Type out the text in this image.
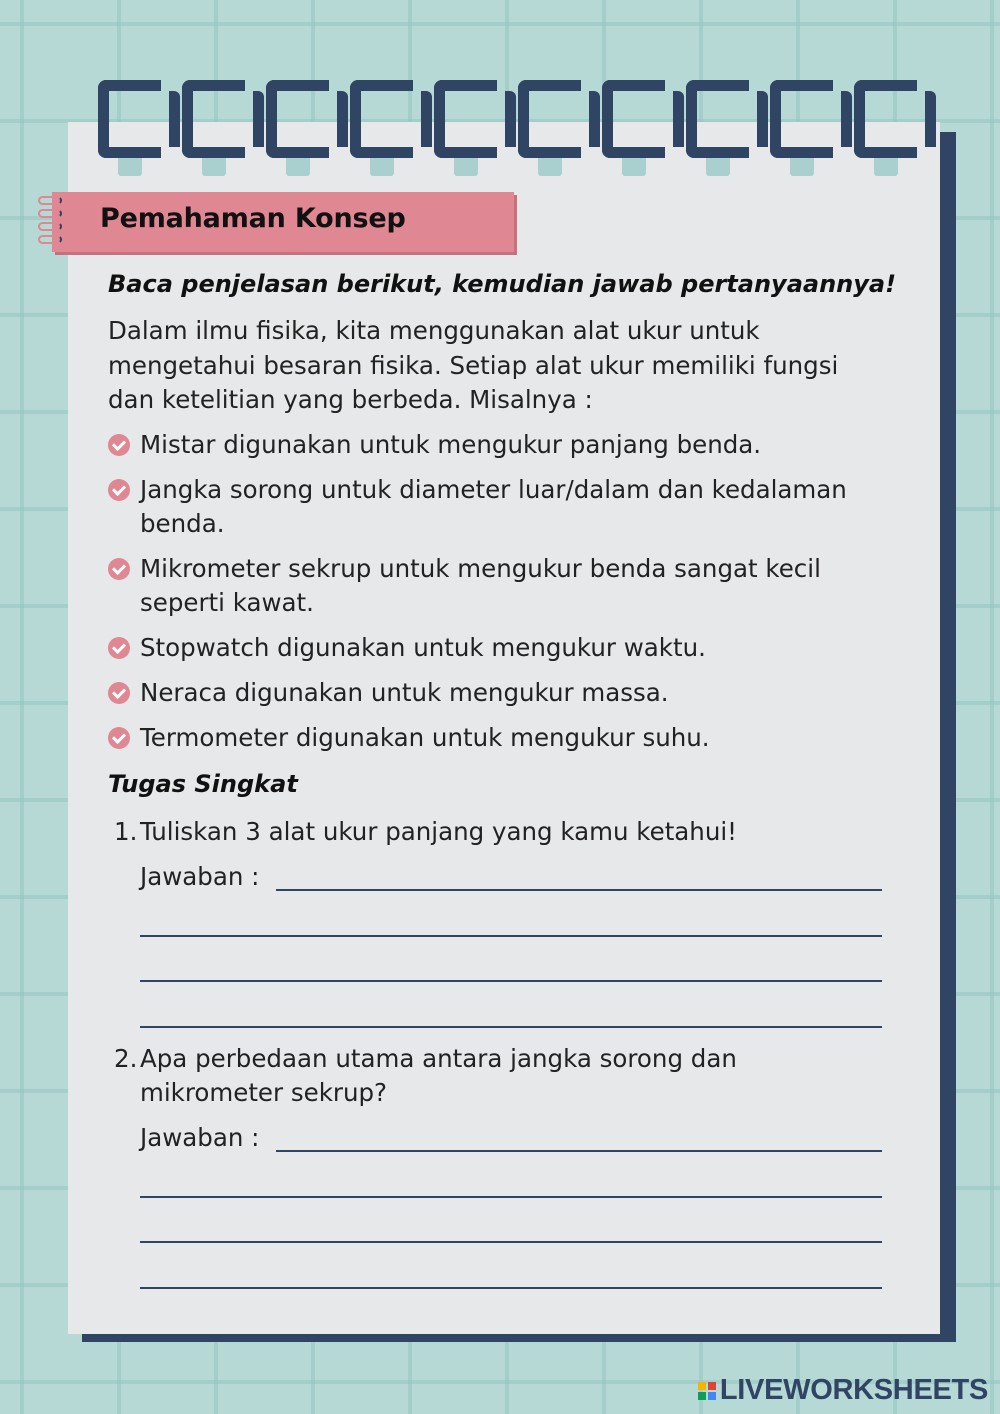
Pemahaman Konsep
Baca penjelasan berikut, kemudian jawab pertanyaannya!
Dalam ilmu fisika, kita menggunakan alat ukur untuk mengetahui besaran fisika. Setiap alat ukur memiliki fungsi dan ketelitian yang berbeda. Misalnya :
Mistar digunakan untuk mengukur panjang benda.
Jangka sorong untuk diameter luar/dalam dan kedalaman benda.
Mikrometer sekrup untuk mengukur benda sangat kecil seperti kawat.
Stopwatch digunakan untuk mengukur waktu.
Neraca digunakan untuk mengukur massa.
Termometer digunakan untuk mengukur suhu.
Tugas Singkat
1. Tuliskan 3 alat ukur panjang yang kamu ketahui!
Jawaban :
2. Apa perbedaan utama antara jangka sorong dan mikrometer sekrup?
Jawaban :
LIVEWORKSHEETS
